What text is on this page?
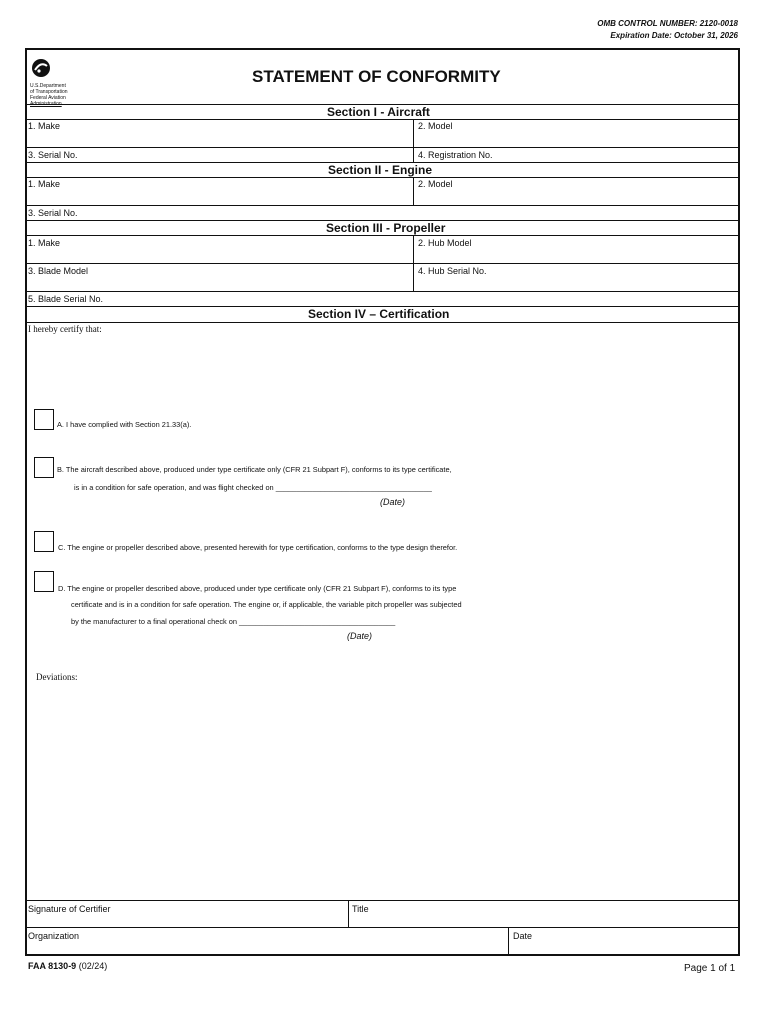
OMB CONTROL NUMBER: 2120-0018
Expiration Date: October 31, 2026
U.S.Department
of Transportation
Federal Aviation
Administration
STATEMENT OF CONFORMITY
Section I - Aircraft
1. Make	2. Model
3. Serial No.	4. Registration No.
Section II - Engine
1. Make	2. Model
3. Serial No.
Section III - Propeller
1. Make	2. Hub Model
3. Blade Model	4. Hub Serial No.
5. Blade Serial No.
Section IV – Certification
I hereby certify that:
A. I have complied with Section 21.33(a).
B. The aircraft described above, produced under type certificate only (CFR 21 Subpart F), conforms to its type certificate,
is in a condition for safe operation, and was flight checked on ______________________________________
(Date)
C. The engine or propeller described above, presented herewith for type certification, conforms to the type design therefor.
D. The engine or propeller described above, produced under type certificate only (CFR 21 Subpart F), conforms to its type
certificate and is in a condition for safe operation. The engine or, if applicable, the variable pitch propeller was subjected
by the manufacturer to a final operational check on ______________________________________
(Date)
Deviations:
Signature of Certifier	Title
Organization	Date
FAA 8130-9 (02/24)	Page 1 of 1
